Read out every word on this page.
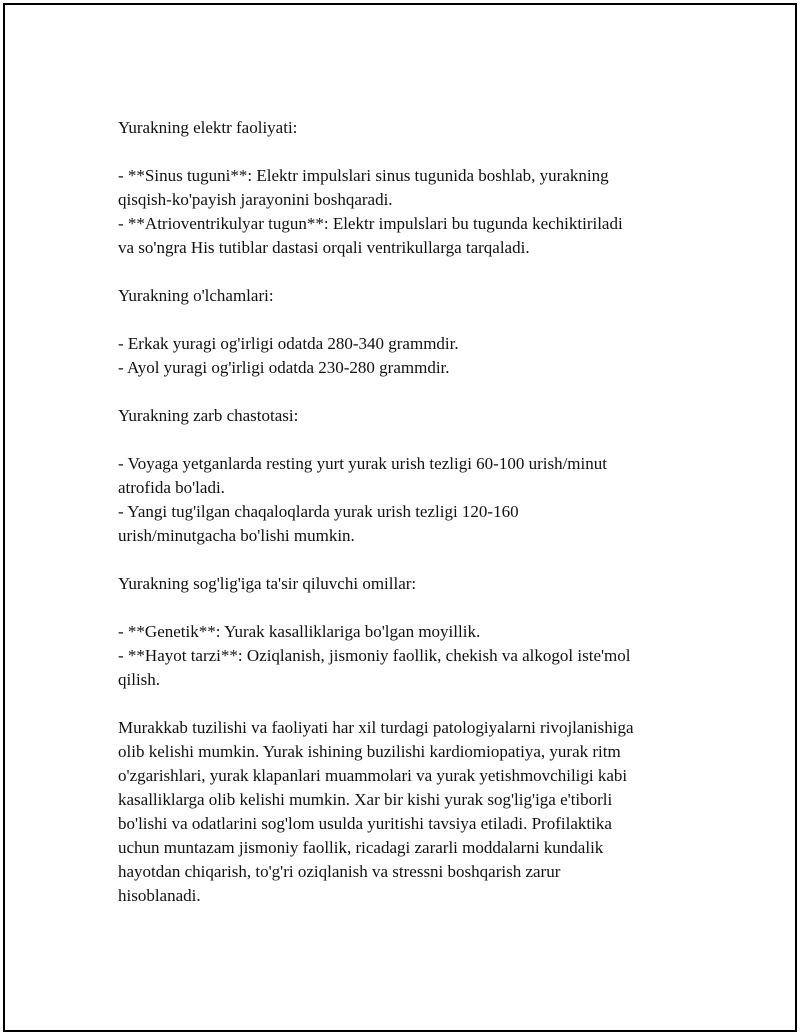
Yurakning elektr faoliyati:
- **Sinus tuguni**: Elektr impulslari sinus tugunida boshlab, yurakning
qisqish-ko'payish jarayonini boshqaradi.
- **Atrioventrikulyar tugun**: Elektr impulslari bu tugunda kechiktiriladi
va so'ngra His tutiblar dastasi orqali ventrikullarga tarqaladi.
Yurakning o'lchamlari:
- Erkak yuragi og'irligi odatda 280-340 grammdir.
- Ayol yuragi og'irligi odatda 230-280 grammdir.
Yurakning zarb chastotasi:
- Voyaga yetganlarda resting yurt yurak urish tezligi 60-100 urish/minut
atrofida bo'ladi.
- Yangi tug'ilgan chaqaloqlarda yurak urish tezligi 120-160
urish/minutgacha bo'lishi mumkin.
Yurakning sog'lig'iga ta'sir qiluvchi omillar:
- **Genetik**: Yurak kasalliklariga bo'lgan moyillik.
- **Hayot tarzi**: Oziqlanish, jismoniy faollik, chekish va alkogol iste'mol
qilish.
Murakkab tuzilishi va faoliyati har xil turdagi patologiyalarni rivojlanishiga
olib kelishi mumkin. Yurak ishining buzilishi kardiomiopatiya, yurak ritm
o'zgarishlari, yurak klapanlari muammolari va yurak yetishmovchiligi kabi
kasalliklarga olib kelishi mumkin. Xar bir kishi yurak sog'lig'iga e'tiborli
bo'lishi va odatlarini sog'lom usulda yuritishi tavsiya etiladi. Profilaktika
uchun muntazam jismoniy faollik, ricadagi zararli moddalarni kundalik
hayotdan chiqarish, to'g'ri oziqlanish va stressni boshqarish zarur
hisoblanadi.
